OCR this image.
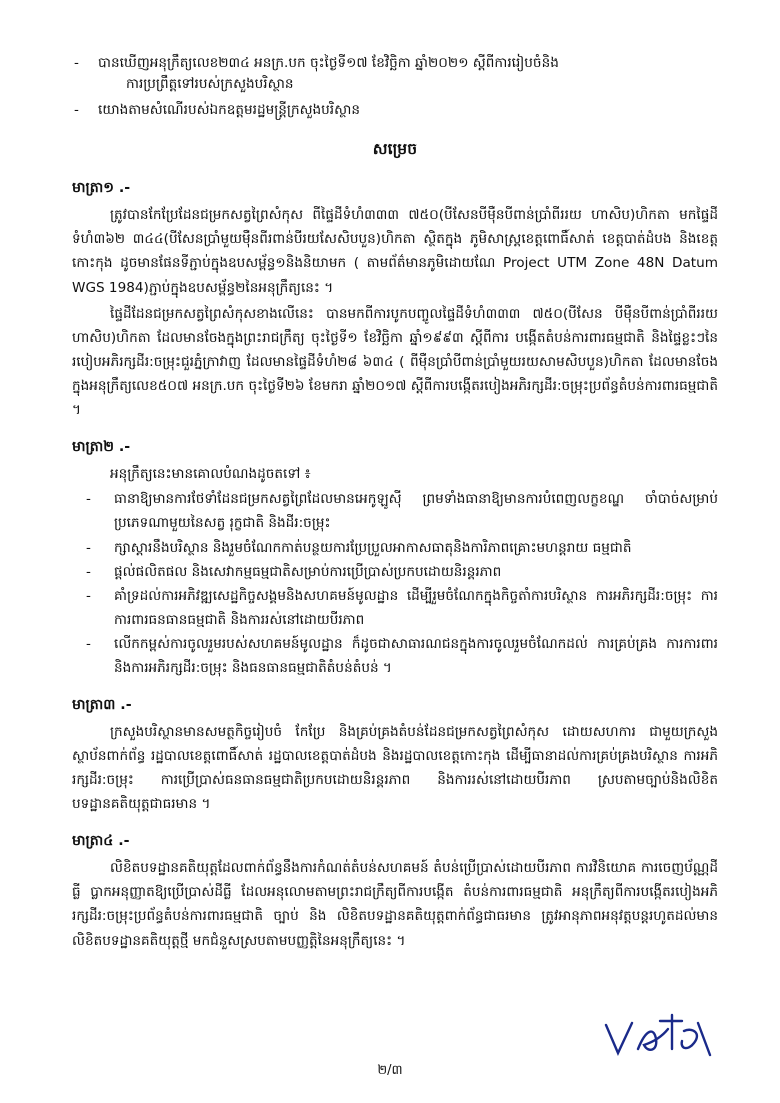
- បានឃើញអនុក្រឹត្យលេខ២៣៤ អនក្រ.បក ចុះថ្ងៃទី១៧ ខែវិច្ឆិកា ឆ្នាំ២០២១ ស្ដីពីការរៀបចំនិង
ការប្រព្រឹត្តទៅរបស់ក្រសួងបរិស្ថាន
- យោងតាមសំណើរបស់ឯកឧត្តមរដ្ឋមន្ត្រីក្រសួងបរិស្ថាន
សម្រេច
មាត្រា១ .-

ត្រូវបានកែប្រែដែនជម្រកសត្វព្រៃសំកុស ពីផ្ទៃដីទំហំ៣៣៣ ៧៥០(បីសែនបីម៉ឺនបីពាន់ប្រាំពីររយ ហាសិប)ហិកតា មកផ្ទៃដីទំហំ៣៦២ ៣៤៤(បីសែនប្រាំមួយម៉ឺនពីរពាន់បីរយសែសិបបួន)ហិកតា ស្ថិតក្នុង ភូមិសាស្ត្រខេត្តពោធិ៍សាត់ ខេត្តបាត់ដំបង និងខេត្តកោះកុង ដូចមានផែនទីភ្ជាប់ក្នុងឧបសម្ព័ន្ធ១និងនិយាមក ( តាមព័ត៌មានភូមិដោយណែ Project UTM Zone 48N Datum WGS 1984)ភ្ជាប់ក្នុងឧបសម្ព័ន្ធ២នៃអនុក្រឹត្យនេះ ។

ផ្ទៃដីដែនជម្រកសត្វព្រៃសំកុសខាងលើនេះ បានមកពីការបូកបញ្ចូលផ្ទៃដីទំហំ៣៣៣ ៧៥០(បីសែន បីម៉ឺនបីពាន់ប្រាំពីររយហាសិប)ហិកតា ដែលមានចែងក្នុងព្រះរាជក្រឹត្យ ចុះថ្ងៃទី១ ខែវិច្ឆិកា ឆ្នាំ១៩៩៣ ស្ដីពីការ បង្កើតតំបន់ការពារធម្មជាតិ និងផ្ទៃខ្លះៗនៃរបៀបអភិរក្សដីរ:ចម្រុះជួរភ្នំក្រាវាញ ដែលមានផ្ទៃដីទំហំ២៨ ៦៣៤ ( ពីម៉ឺនប្រាំបីពាន់ប្រាំមួយរយសាមសិបបួន)ហិកតា ដែលមានចែងក្នុងអនុក្រឹត្យលេខ៥០៧ អនក្រ.បក ចុះថ្ងៃទី២៦ ខែមករា ឆ្នាំ២០១៧ ស្ដីពីការបង្កើតរបៀងអភិរក្សដីរ:ចម្រុះប្រព័ន្ធតំបន់ការពារធម្មជាតិ ។

មាត្រា២ .-

អនុក្រឹត្យនេះមានគោលបំណងដូចតទៅ ៖

- ធានាឱ្យមានការថែទាំដែនជម្រកសត្វព្រៃដែលមានអេកូឡូស៊ី ព្រមទាំងធានាឱ្យមានការបំពេញលក្ខខណ្ឌ ចាំបាច់សម្រាប់ប្រភេទណាមួយនៃសត្វ រុក្ខជាតិ និងដីរ:ចម្រុះ
- ក្សាស្ដារនឹងបរិស្ថាន និងរួមចំណែកកាត់បន្ថយការប្រែប្រួលអាកាសធាតុនិងការិភាពគ្រោះមហន្តរាយ ធម្មជាតិ
- ផ្ដល់ផលិតផល និងសេវាកម្មធម្មជាតិសម្រាប់ការប្រើប្រាស់ប្រកបដោយនិរន្តរភាព
- គាំទ្រដល់ការអភិវឌ្ឍសេដ្ឋកិច្ចសង្គមនិងសហគមន៍មូលដ្ឋាន ដើម្បីរួមចំណែកក្នុងកិច្ចតាំការបរិស្ថាន ការអភិរក្សដីរ:ចម្រុះ ការការពារធនធានធម្មជាតិ និងការរស់នៅដោយបីរភាព
- លើកកម្ពស់ការចូលរួមរបស់សហគមន៍មូលដ្ឋាន ក៏ដូចជាសាធារណជនក្នុងការចូលរួមចំណែកដល់ ការគ្រប់គ្រង ការការពារ និងការអភិរក្សដីរ:ចម្រុះ និងធនធានធម្មជាតិតំបន់តំបន់ ។
មាត្រា៣ .-

ក្រសួងបរិស្ថានមានសមត្ថកិច្ចរៀបចំ កែប្រែ និងគ្រប់គ្រងតំបន់ដែនជម្រកសត្វព្រៃសំកុស ដោយសហការ ជាមួយក្រសួង ស្ថាប័នពាក់ព័ន្ធ រដ្ឋបាលខេត្តពោធិ៍សាត់ រដ្ឋបាលខេត្តបាត់ដំបង និងរដ្ឋបាលខេត្តកោះកុង ដើម្បីធានាដល់ការគ្រប់គ្រងបរិស្ថាន ការអភិរក្សដីរ:ចម្រុះ ការប្រើប្រាស់ធនធានធម្មជាតិប្រកបដោយនិរន្តរភាព និងការរស់នៅដោយបីរភាព ស្របតាមច្បាប់និងលិខិតបទដ្ឋានគតិយុត្តជាធរមាន ។

មាត្រា៤ .-

លិខិតបទដ្ឋានគតិយុត្តដែលពាក់ព័ន្ធនឹងការកំណត់តំបន់សហគមន៍ តំបន់ប្រើប្រាស់ដោយបីរភាព ការវិនិយោគ ការចេញប័ណ្ណដីធ្លី ប្លាកអនុញ្ញាតឱ្យប្រើប្រាស់ដីធ្លី ដែលអនុលោមតាមព្រះរាជក្រឹត្យពីការបង្កើត តំបន់ការពារធម្មជាតិ អនុក្រឹត្យពីការបង្កើតរបៀងអភិរក្សដីរ:ចម្រុះប្រព័ន្ធតំបន់ការពារធម្មជាតិ ច្បាប់ និង លិខិតបទដ្ឋានគតិយុត្តពាក់ព័ន្ធជាធរមាន ត្រូវអានុភាពអនុវត្តបន្តរហូតដល់មានលិខិតបទដ្ឋានគតិយុត្តថ្មី មកជំនួសស្របតាមបញ្ញត្តិនៃអនុក្រឹត្យនេះ ។

២/៣
